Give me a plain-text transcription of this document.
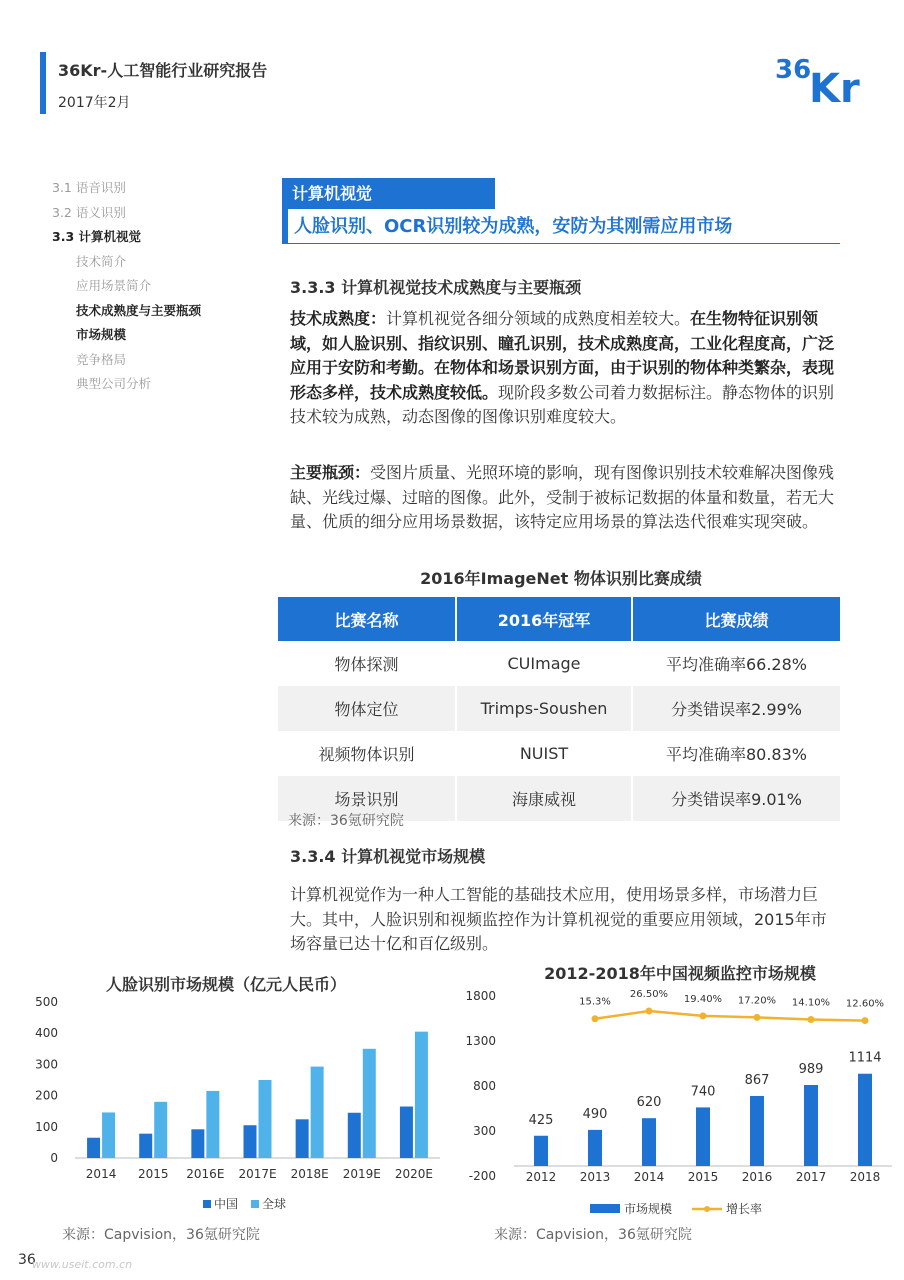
36Kr-人工智能行业研究报告
2017年2月
36
Kr
3.1 语音识别
3.2 语义识别
3.3 计算机视觉
技术简介
应用场景简介
技术成熟度与主要瓶颈
市场规模
竞争格局
典型公司分析
计算机视觉
人脸识别、OCR识别较为成熟，安防为其刚需应用市场
3.3.3 计算机视觉技术成熟度与主要瓶颈
技术成熟度：计算机视觉各细分领域的成熟度相差较大。在生物特征识别领域，如人脸识别、指纹识别、瞳孔识别，技术成熟度高，工业化程度高，广泛应用于安防和考勤。在物体和场景识别方面，由于识别的物体种类繁杂，表现形态多样，技术成熟度较低。现阶段多数公司着力数据标注。静态物体的识别技术较为成熟，动态图像的图像识别难度较大。
主要瓶颈：受图片质量、光照环境的影响，现有图像识别技术较难解决图像残缺、光线过爆、过暗的图像。此外，受制于被标记数据的体量和数量，若无大量、优质的细分应用场景数据，该特定应用场景的算法迭代很难实现突破。
2016年ImageNet 物体识别比赛成绩
比赛名称	2016年冠军	比赛成绩
物体探测	CUImage	平均准确率66.28%
物体定位	Trimps-Soushen	分类错误率2.99%
视频物体识别	NUIST	平均准确率80.83%
场景识别	海康威视	分类错误率9.01%
来源：36氪研究院
3.3.4 计算机视觉市场规模
计算机视觉作为一种人工智能的基础技术应用，使用场景多样，市场潜力巨大。其中，人脸识别和视频监控作为计算机视觉的重要应用领域，2015年市场容量已达十亿和百亿级别。
人脸识别市场规模（亿元人民币）
0
100
200
300
400
500
2014 2015 2016E 2017E 2018E 2019E 2020E
中国 全球
来源：Capvision，36氪研究院
2012-2018年中国视频监控市场规模
1800
1300
800
300
-200
425
2012
490
2013
620
2014
740
2015
867
2016
989
2017
1114
2018
15.3%
26.50% 19.40% 17.20% 14.10% 12.60%
市场规模	增长率
来源：Capvision，36氪研究院
36
www.useit.com.cn
